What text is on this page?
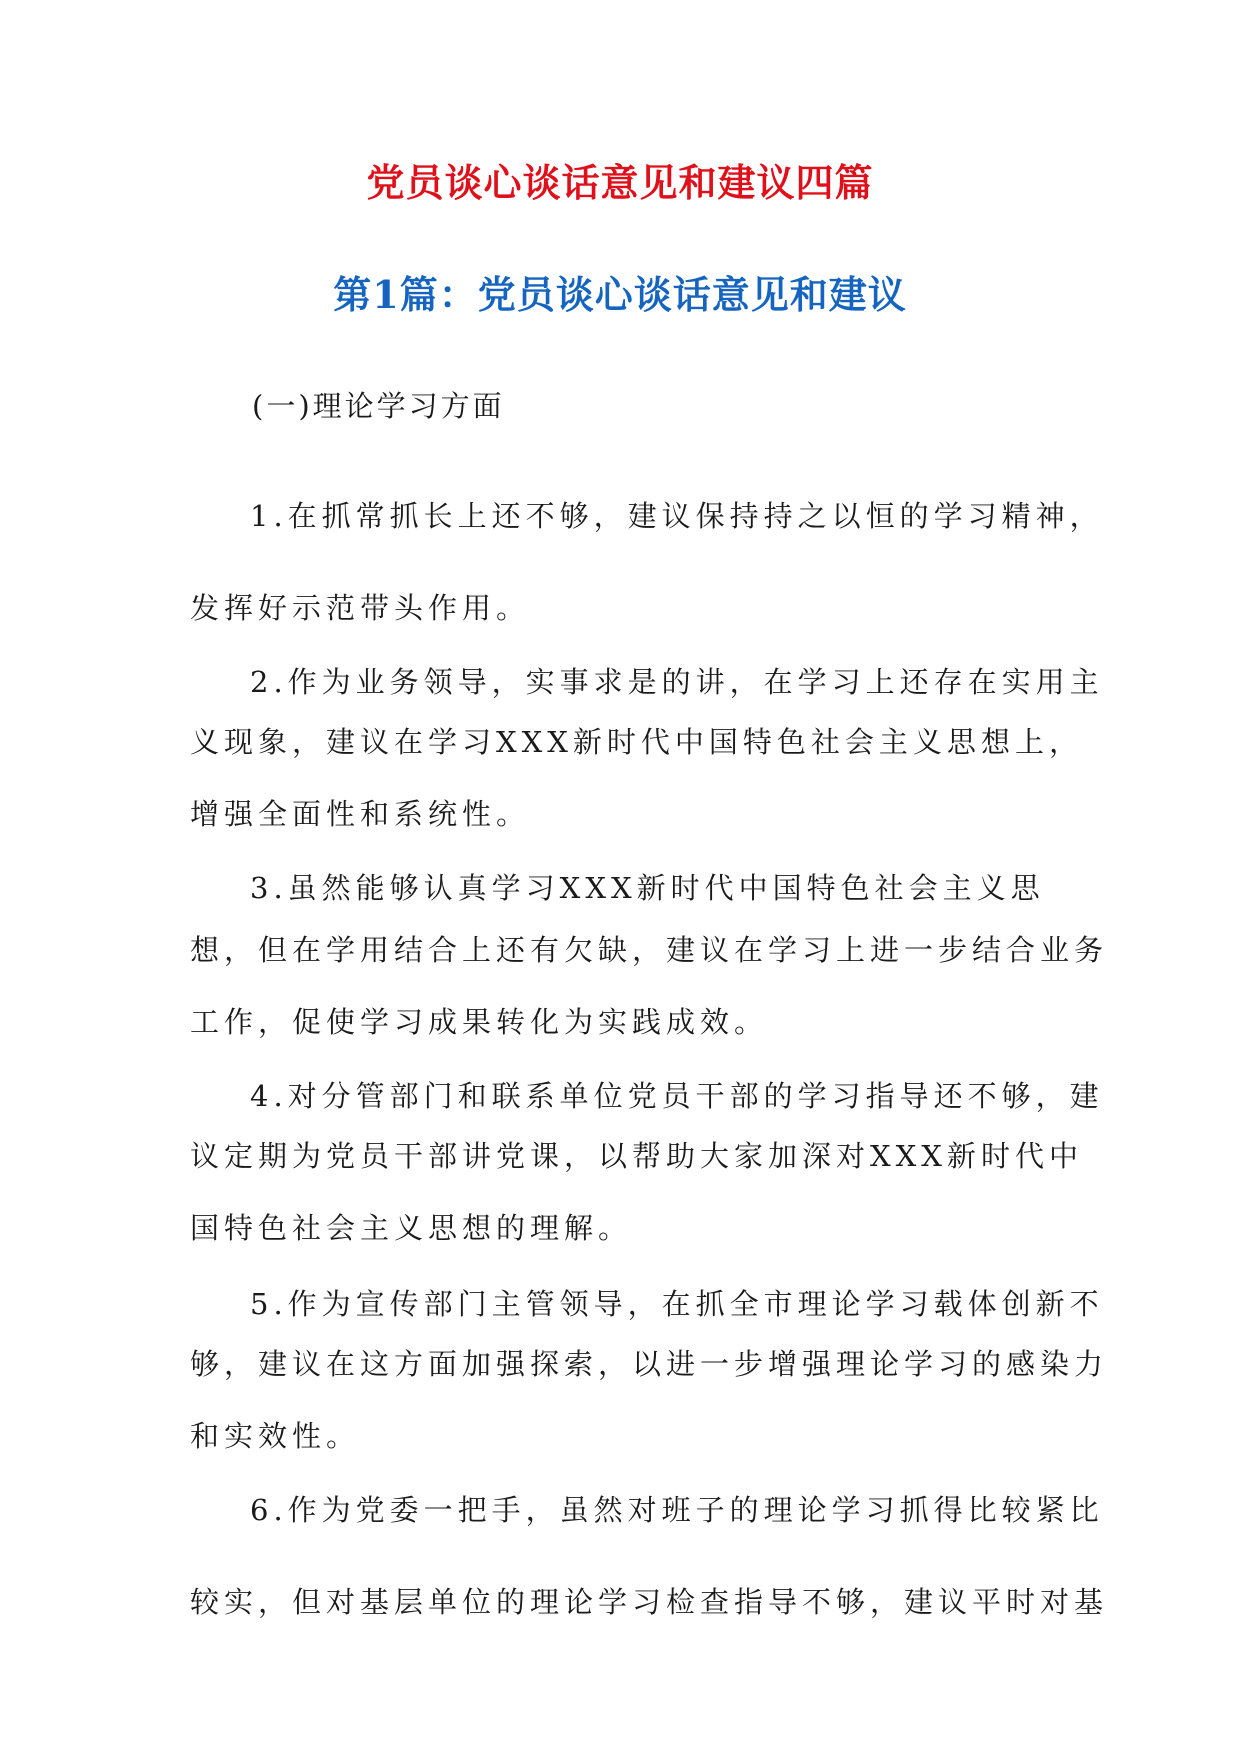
党员谈心谈话意见和建议四篇
第1篇：党员谈心谈话意见和建议

(一)理论学习方面

1.在抓常抓长上还不够，建议保持持之以恒的学习精神，

发挥好示范带头作用。

2.作为业务领导，实事求是的讲，在学习上还存在实用主

义现象，建议在学习XXX新时代中国特色社会主义思想上，

增强全面性和系统性。

3.虽然能够认真学习XXX新时代中国特色社会主义思

想，但在学用结合上还有欠缺，建议在学习上进一步结合业务

工作，促使学习成果转化为实践成效。

4.对分管部门和联系单位党员干部的学习指导还不够，建

议定期为党员干部讲党课，以帮助大家加深对XXX新时代中

国特色社会主义思想的理解。

5.作为宣传部门主管领导，在抓全市理论学习载体创新不

够，建议在这方面加强探索，以进一步增强理论学习的感染力

和实效性。

6.作为党委一把手，虽然对班子的理论学习抓得比较紧比

较实，但对基层单位的理论学习检查指导不够，建议平时对基
